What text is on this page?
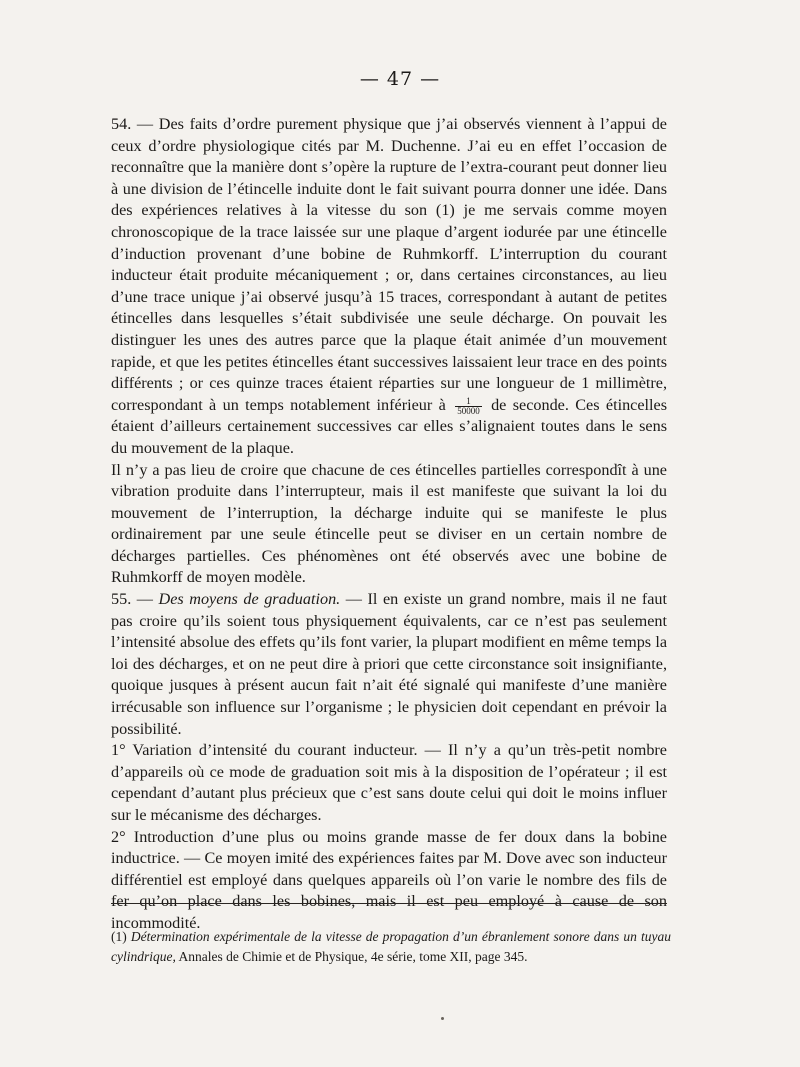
— 47 —

54. — Des faits d’ordre purement physique que j’ai observés viennent à l’appui de ceux d’ordre physiologique cités par M. Duchenne. J’ai eu en effet l’occasion de reconnaître que la manière dont s’opère la rupture de l’extra-courant peut donner lieu à une division de l’étincelle induite dont le fait suivant pourra donner une idée. Dans des expériences relatives à la vitesse du son (1) je me servais comme moyen chronoscopique de la trace laissée sur une plaque d’argent iodurée par une étincelle d’induction provenant d’une bobine de Ruhmkorff. L’interruption du courant inducteur était produite mécaniquement ; or, dans certaines circonstances, au lieu d’une trace unique j’ai observé jusqu’à 15 traces, correspondant à autant de petites étincelles dans lesquelles s’était subdivisée une seule décharge. On pouvait les distinguer les unes des autres parce que la plaque était animée d’un mouvement rapide, et que les petites étincelles étant successives laissaient leur trace en des points différents ; or ces quinze traces étaient réparties sur une longueur de 1 millimètre, correspondant à un temps notablement inférieur à $\frac{1}{50000}$ de seconde. Ces étincelles étaient d’ailleurs certainement successives car elles s’alignaient toutes dans le sens du mouvement de la plaque.

Il n’y a pas lieu de croire que chacune de ces étincelles partielles correspondît à une vibration produite dans l’interrupteur, mais il est manifeste que suivant la loi du mouvement de l’interruption, la décharge induite qui se manifeste le plus ordinairement par une seule étincelle peut se diviser en un certain nombre de décharges partielles. Ces phénomènes ont été observés avec une bobine de Ruhmkorff de moyen modèle.

55. — Des moyens de graduation. — Il en existe un grand nombre, mais il ne faut pas croire qu’ils soient tous physiquement équivalents, car ce n’est pas seulement l’intensité absolue des effets qu’ils font varier, la plupart modifient en même temps la loi des décharges, et on ne peut dire à priori que cette circonstance soit insignifiante, quoique jusques à présent aucun fait n’ait été signalé qui manifeste d’une manière irrécusable son influence sur l’organisme ; le physicien doit cependant en prévoir la possibilité.

1° Variation d’intensité du courant inducteur. — Il n’y a qu’un très-petit nombre d’appareils où ce mode de graduation soit mis à la disposition de l’opérateur ; il est cependant d’autant plus précieux que c’est sans doute celui qui doit le moins influer sur le mécanisme des décharges.

2° Introduction d’une plus ou moins grande masse de fer doux dans la bobine inductrice. — Ce moyen imité des expériences faites par M. Dove avec son inducteur différentiel est employé dans quelques appareils où l’on varie le nombre des fils de fer qu’on place dans les bobines, mais il est peu employé à cause de son incommodité.

(1) Détermination expérimentale de la vitesse de propagation d’un ébranlement sonore dans un tuyau cylindrique, Annales de Chimie et de Physique, 4e série, tome XII, page 345.
